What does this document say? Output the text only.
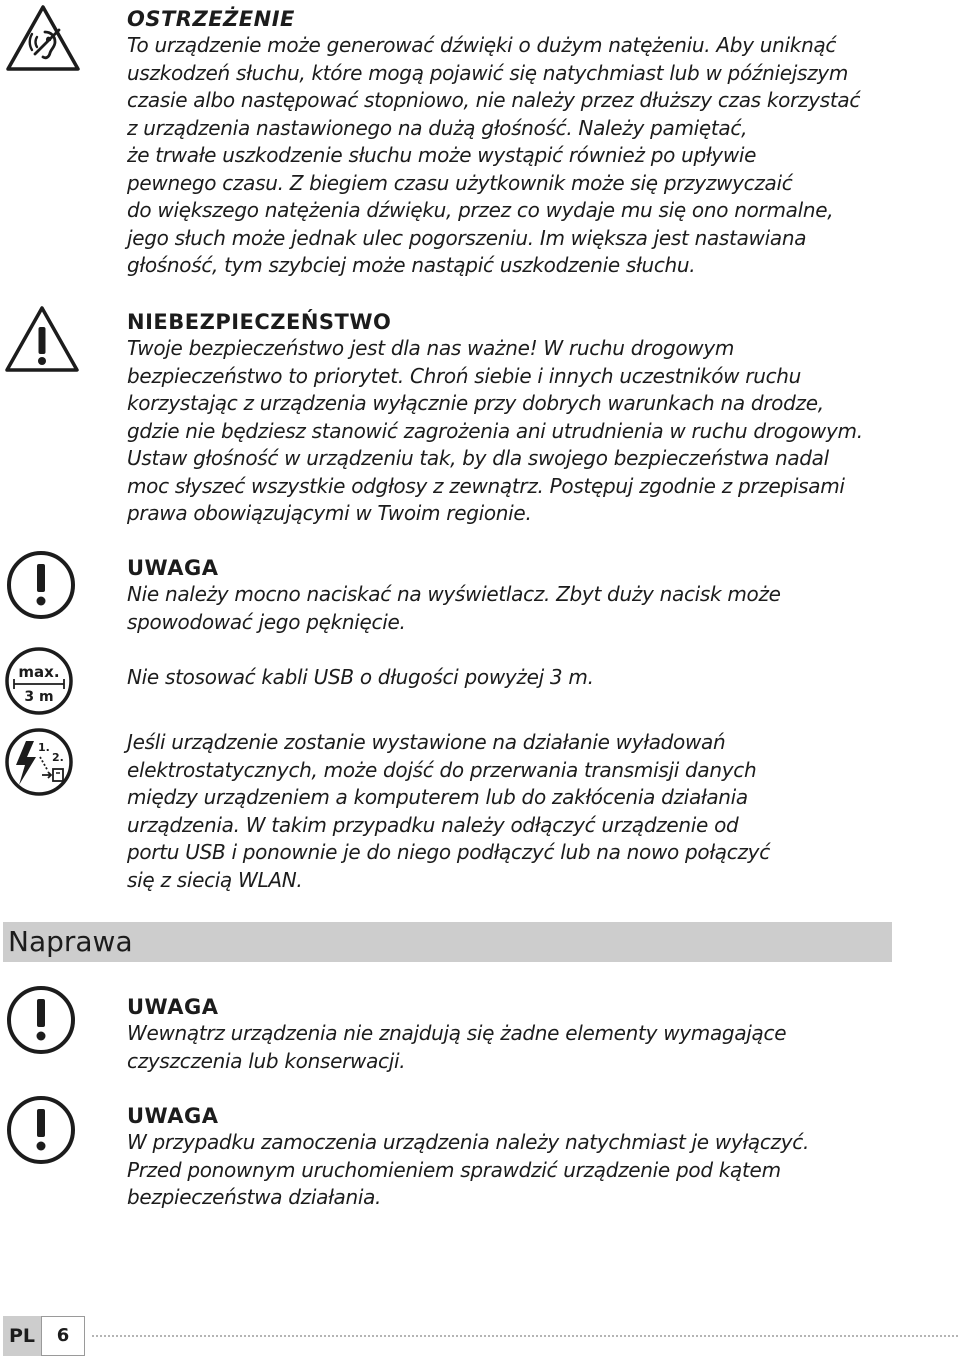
OSTRZEŻENIE

To urządzenie może generować dźwięki o dużym natężeniu. Aby uniknąć

uszkodzeń słuchu, które mogą pojawić się natychmiast lub w późniejszym

czasie albo następować stopniowo, nie należy przez dłuższy czas korzystać

z urządzenia nastawionego na dużą głośność. Należy pamiętać,

że trwałe uszkodzenie słuchu może wystąpić również po upływie

pewnego czasu. Z biegiem czasu użytkownik może się przyzwyczaić

do większego natężenia dźwięku, przez co wydaje mu się ono normalne,

jego słuch może jednak ulec pogorszeniu. Im większa jest nastawiana

głośność, tym szybciej może nastąpić uszkodzenie słuchu.

NIEBEZPIECZEŃSTWO

Twoje bezpieczeństwo jest dla nas ważne! W ruchu drogowym

bezpieczeństwo to priorytet. Chroń siebie i innych uczestników ruchu

korzystając z urządzenia wyłącznie przy dobrych warunkach na drodze,

gdzie nie będziesz stanowić zagrożenia ani utrudnienia w ruchu drogowym.

Ustaw głośność w urządzeniu tak, by dla swojego bezpieczeństwa nadal

moc słyszeć wszystkie odgłosy z zewnątrz. Postępuj zgodnie z przepisami

prawa obowiązującymi w Twoim regionie.

UWAGA

Nie należy mocno naciskać na wyświetlacz. Zbyt duży nacisk może

spowodować jego pęknięcie.

max.
3 m

Nie stosować kabli USB o długości powyżej 3 m.

1.
2.

Jeśli urządzenie zostanie wystawione na działanie wyładowań

elektrostatycznych, może dojść do przerwania transmisji danych

między urządzeniem a komputerem lub do zakłócenia działania

urządzenia. W takim przypadku należy odłączyć urządzenie od

portu USB i ponownie je do niego podłączyć lub na nowo połączyć

się z siecią WLAN.

Naprawa

UWAGA

Wewnątrz urządzenia nie znajdują się żadne elementy wymagające

czyszczenia lub konserwacji.

UWAGA

W przypadku zamoczenia urządzenia należy natychmiast je wyłączyć.

Przed ponownym uruchomieniem sprawdzić urządzenie pod kątem

bezpieczeństwa działania.

PL	6
